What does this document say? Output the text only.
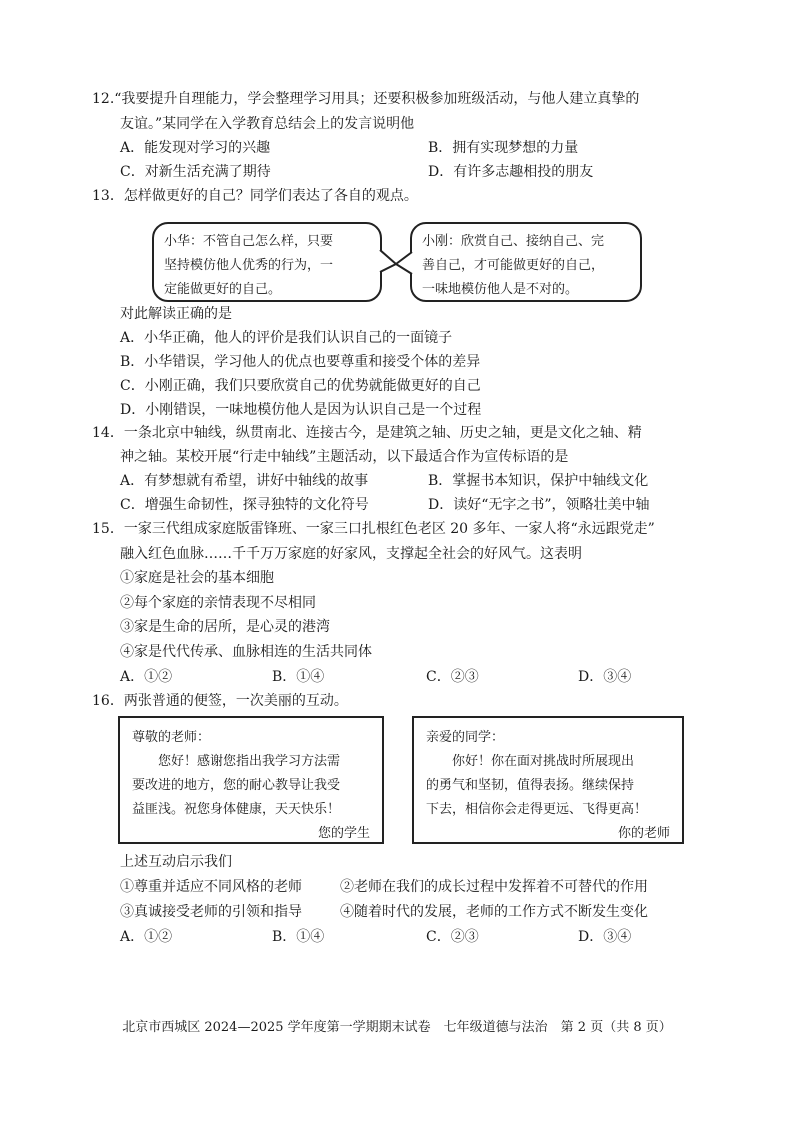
12.“我要提升自理能力，学会整理学习用具；还要积极参加班级活动，与他人建立真挚的
友谊。”某同学在入学教育总结会上的发言说明他
A．能发现对学习的兴趣	B．拥有实现梦想的力量
C．对新生活充满了期待	D．有许多志趣相投的朋友
13．怎样做更好的自己？同学们表达了各自的观点。
小华：不管自己怎么样，只要
坚持模仿他人优秀的行为，一
定能做更好的自己。
小刚：欣赏自己、接纳自己、完
善自己，才可能做更好的自己，
一味地模仿他人是不对的。
对此解读正确的是
A．小华正确，他人的评价是我们认识自己的一面镜子
B．小华错误，学习他人的优点也要尊重和接受个体的差异
C．小刚正确，我们只要欣赏自己的优势就能做更好的自己
D．小刚错误，一味地模仿他人是因为认识自己是一个过程
14．一条北京中轴线，纵贯南北、连接古今，是建筑之轴、历史之轴，更是文化之轴、精
神之轴。某校开展“行走中轴线”主题活动，以下最适合作为宣传标语的是
A．有梦想就有希望，讲好中轴线的故事	B．掌握书本知识，保护中轴线文化
C．增强生命韧性，探寻独特的文化符号	D．读好“无字之书”，领略壮美中轴
15．一家三代组成家庭版雷锋班、一家三口扎根红色老区 20 多年、一家人将“永远跟党走”
融入红色血脉……千千万万家庭的好家风，支撑起全社会的好风气。这表明
①家庭是社会的基本细胞
②每个家庭的亲情表现不尽相同
③家是生命的居所，是心灵的港湾
④家是代代传承、血脉相连的生活共同体
A．①②	B．①④	C．②③	D．③④
16．两张普通的便签，一次美丽的互动。
尊敬的老师：
　　您好！感谢您指出我学习方法需
要改进的地方，您的耐心教导让我受
益匪浅。祝您身体健康，天天快乐！
您的学生
亲爱的同学：
　　你好！你在面对挑战时所展现出
的勇气和坚韧，值得表扬。继续保持
下去，相信你会走得更远、飞得更高！
你的老师
上述互动启示我们
①尊重并适应不同风格的老师	②老师在我们的成长过程中发挥着不可替代的作用
③真诚接受老师的引领和指导	④随着时代的发展，老师的工作方式不断发生变化
A．①②	B．①④	C．②③	D．③④
北京市西城区 2024—2025 学年度第一学期期末试卷　七年级道德与法治　第 2 页（共 8 页）
